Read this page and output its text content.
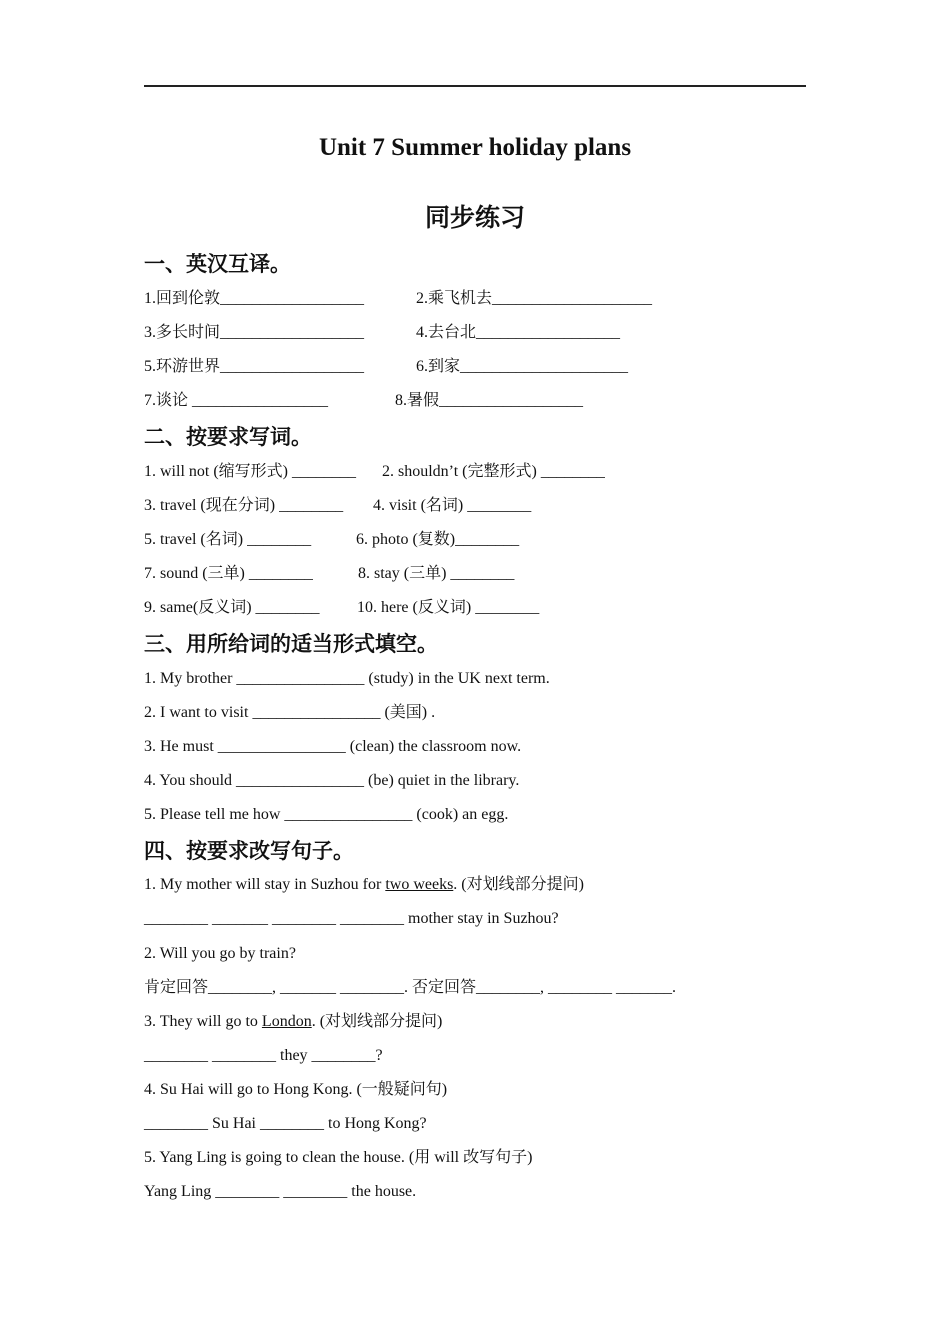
Unit 7 Summer holiday plans
同步练习
一、英汉互译。
1.回到伦敦__________________	2.乘飞机去____________________
3.多长时间__________________	4.去台北__________________
5.环游世界__________________	6.到家_____________________
7.谈论 _________________	8.暑假__________________
二、按要求写词。
1. will not (缩写形式) ________ 2. shouldn’t (完整形式) ________
3. travel (现在分词) ________ 4. visit (名词) ________
5. travel (名词) ________	6. photo (复数)________
7. sound (三单) ________	8. stay (三单) ________
9. same(反义词) ________ 10. here (反义词) ________
三、用所给词的适当形式填空。
1. My brother ________________ (study) in the UK next term.
2. I want to visit ________________ (美国) .
3. He must ________________ (clean) the classroom now.
4. You should ________________ (be) quiet in the library.
5. Please tell me how ________________ (cook) an egg.
四、按要求改写句子。
1. My mother will stay in Suzhou for two weeks. (对划线部分提问)
________ _______ ________ ________ mother stay in Suzhou?
2. Will you go by train?
肯定回答________, _______ ________. 否定回答________, ________ _______.
3. They will go to London. (对划线部分提问)
________ ________ they ________?
4. Su Hai will go to Hong Kong. (一般疑问句)
________ Su Hai ________ to Hong Kong?
5. Yang Ling is going to clean the house. (用 will 改写句子)
Yang Ling ________ ________ the house.
